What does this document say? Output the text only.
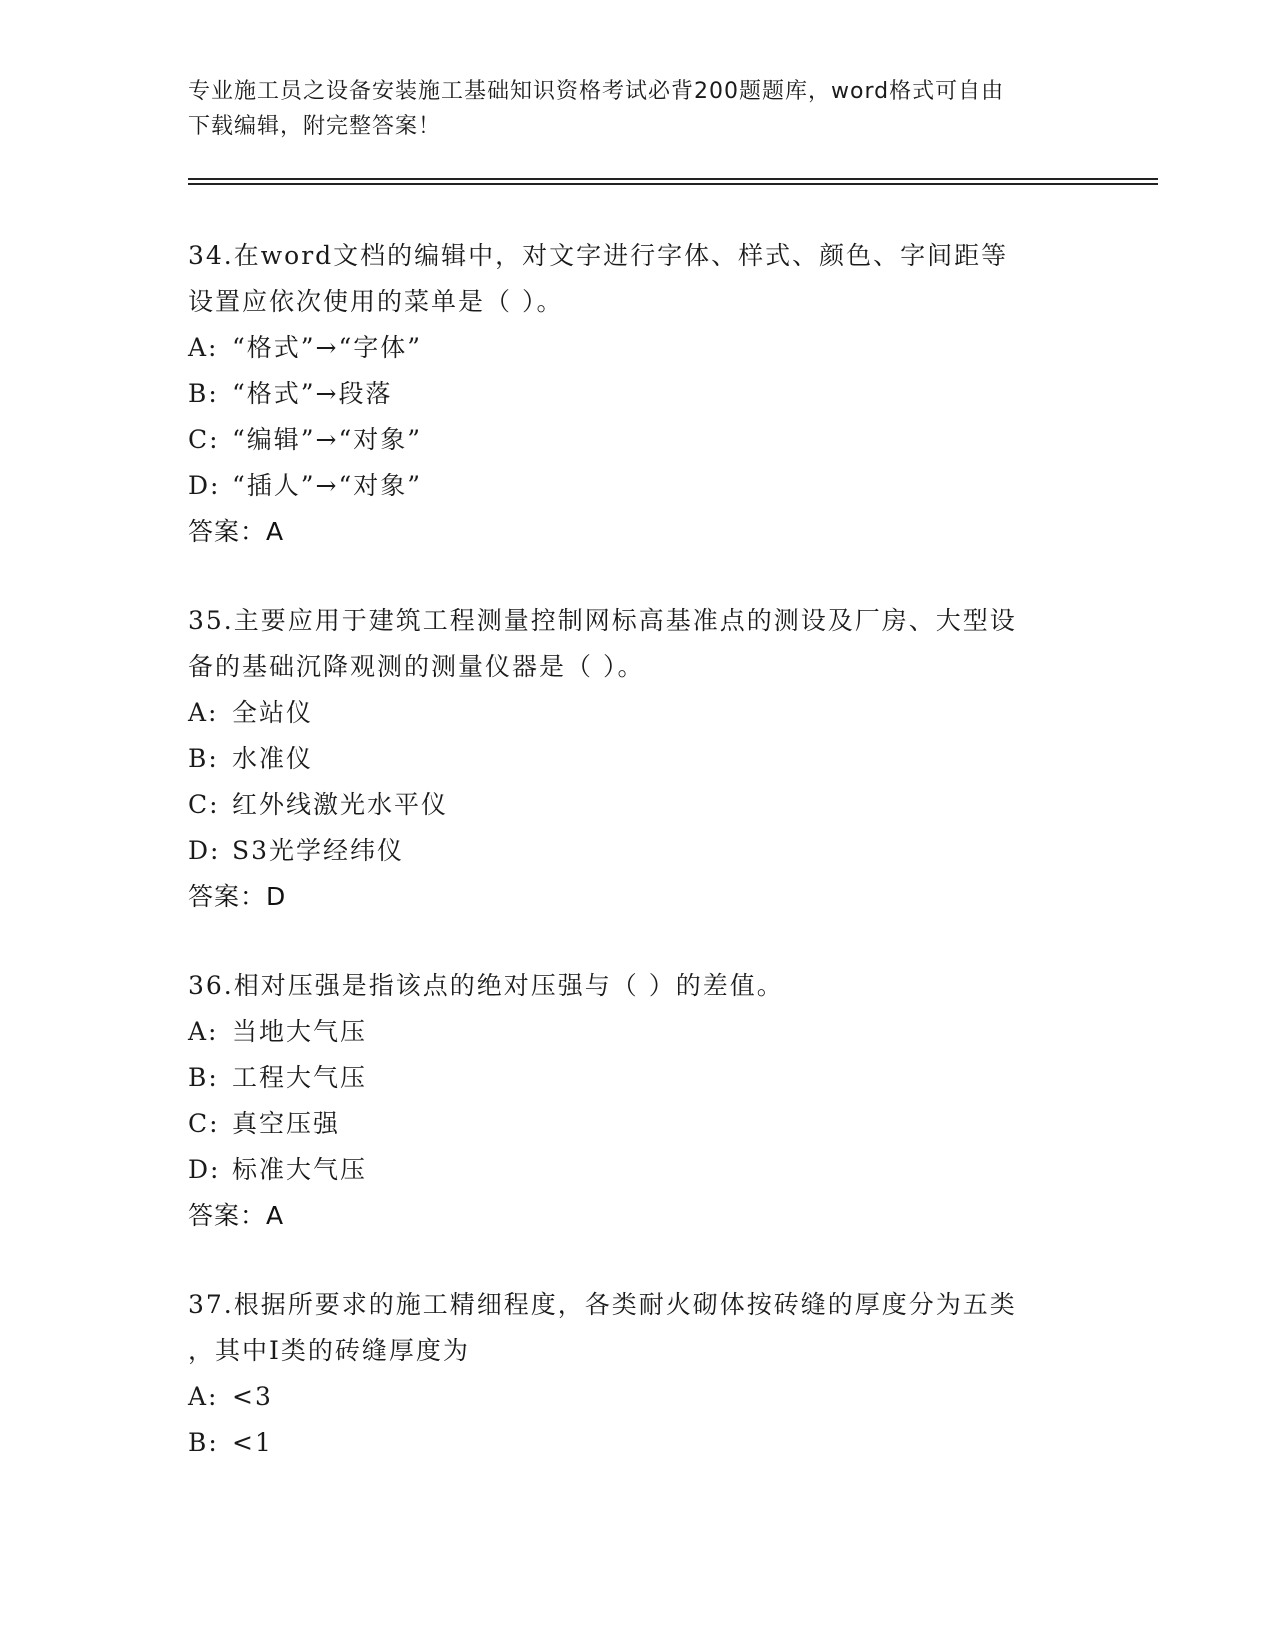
专业施工员之设备安装施工基础知识资格考试必背200题题库，word格式可自由
下载编辑，附完整答案！
34.在word文档的编辑中，对文字进行字体、样式、颜色、字间距等
设置应依次使用的菜单是（ ）。
A: “格式”→“字体”
B: “格式”→段落
C: “编辑”→“对象”
D: “插人”→“对象”
答案：A
35.主要应用于建筑工程测量控制网标高基准点的测设及厂房、大型设
备的基础沉降观测的测量仪器是（ ）。
A: 全站仪
B: 水准仪
C: 红外线激光水平仪
D: S3光学经纬仪
答案：D
36.相对压强是指该点的绝对压强与（ ）的差值。
A: 当地大气压
B: 工程大气压
C: 真空压强
D: 标准大气压
答案：A
37.根据所要求的施工精细程度，各类耐火砌体按砖缝的厚度分为五类
，其中Ⅰ类的砖缝厚度为
A: <3
B: <1
